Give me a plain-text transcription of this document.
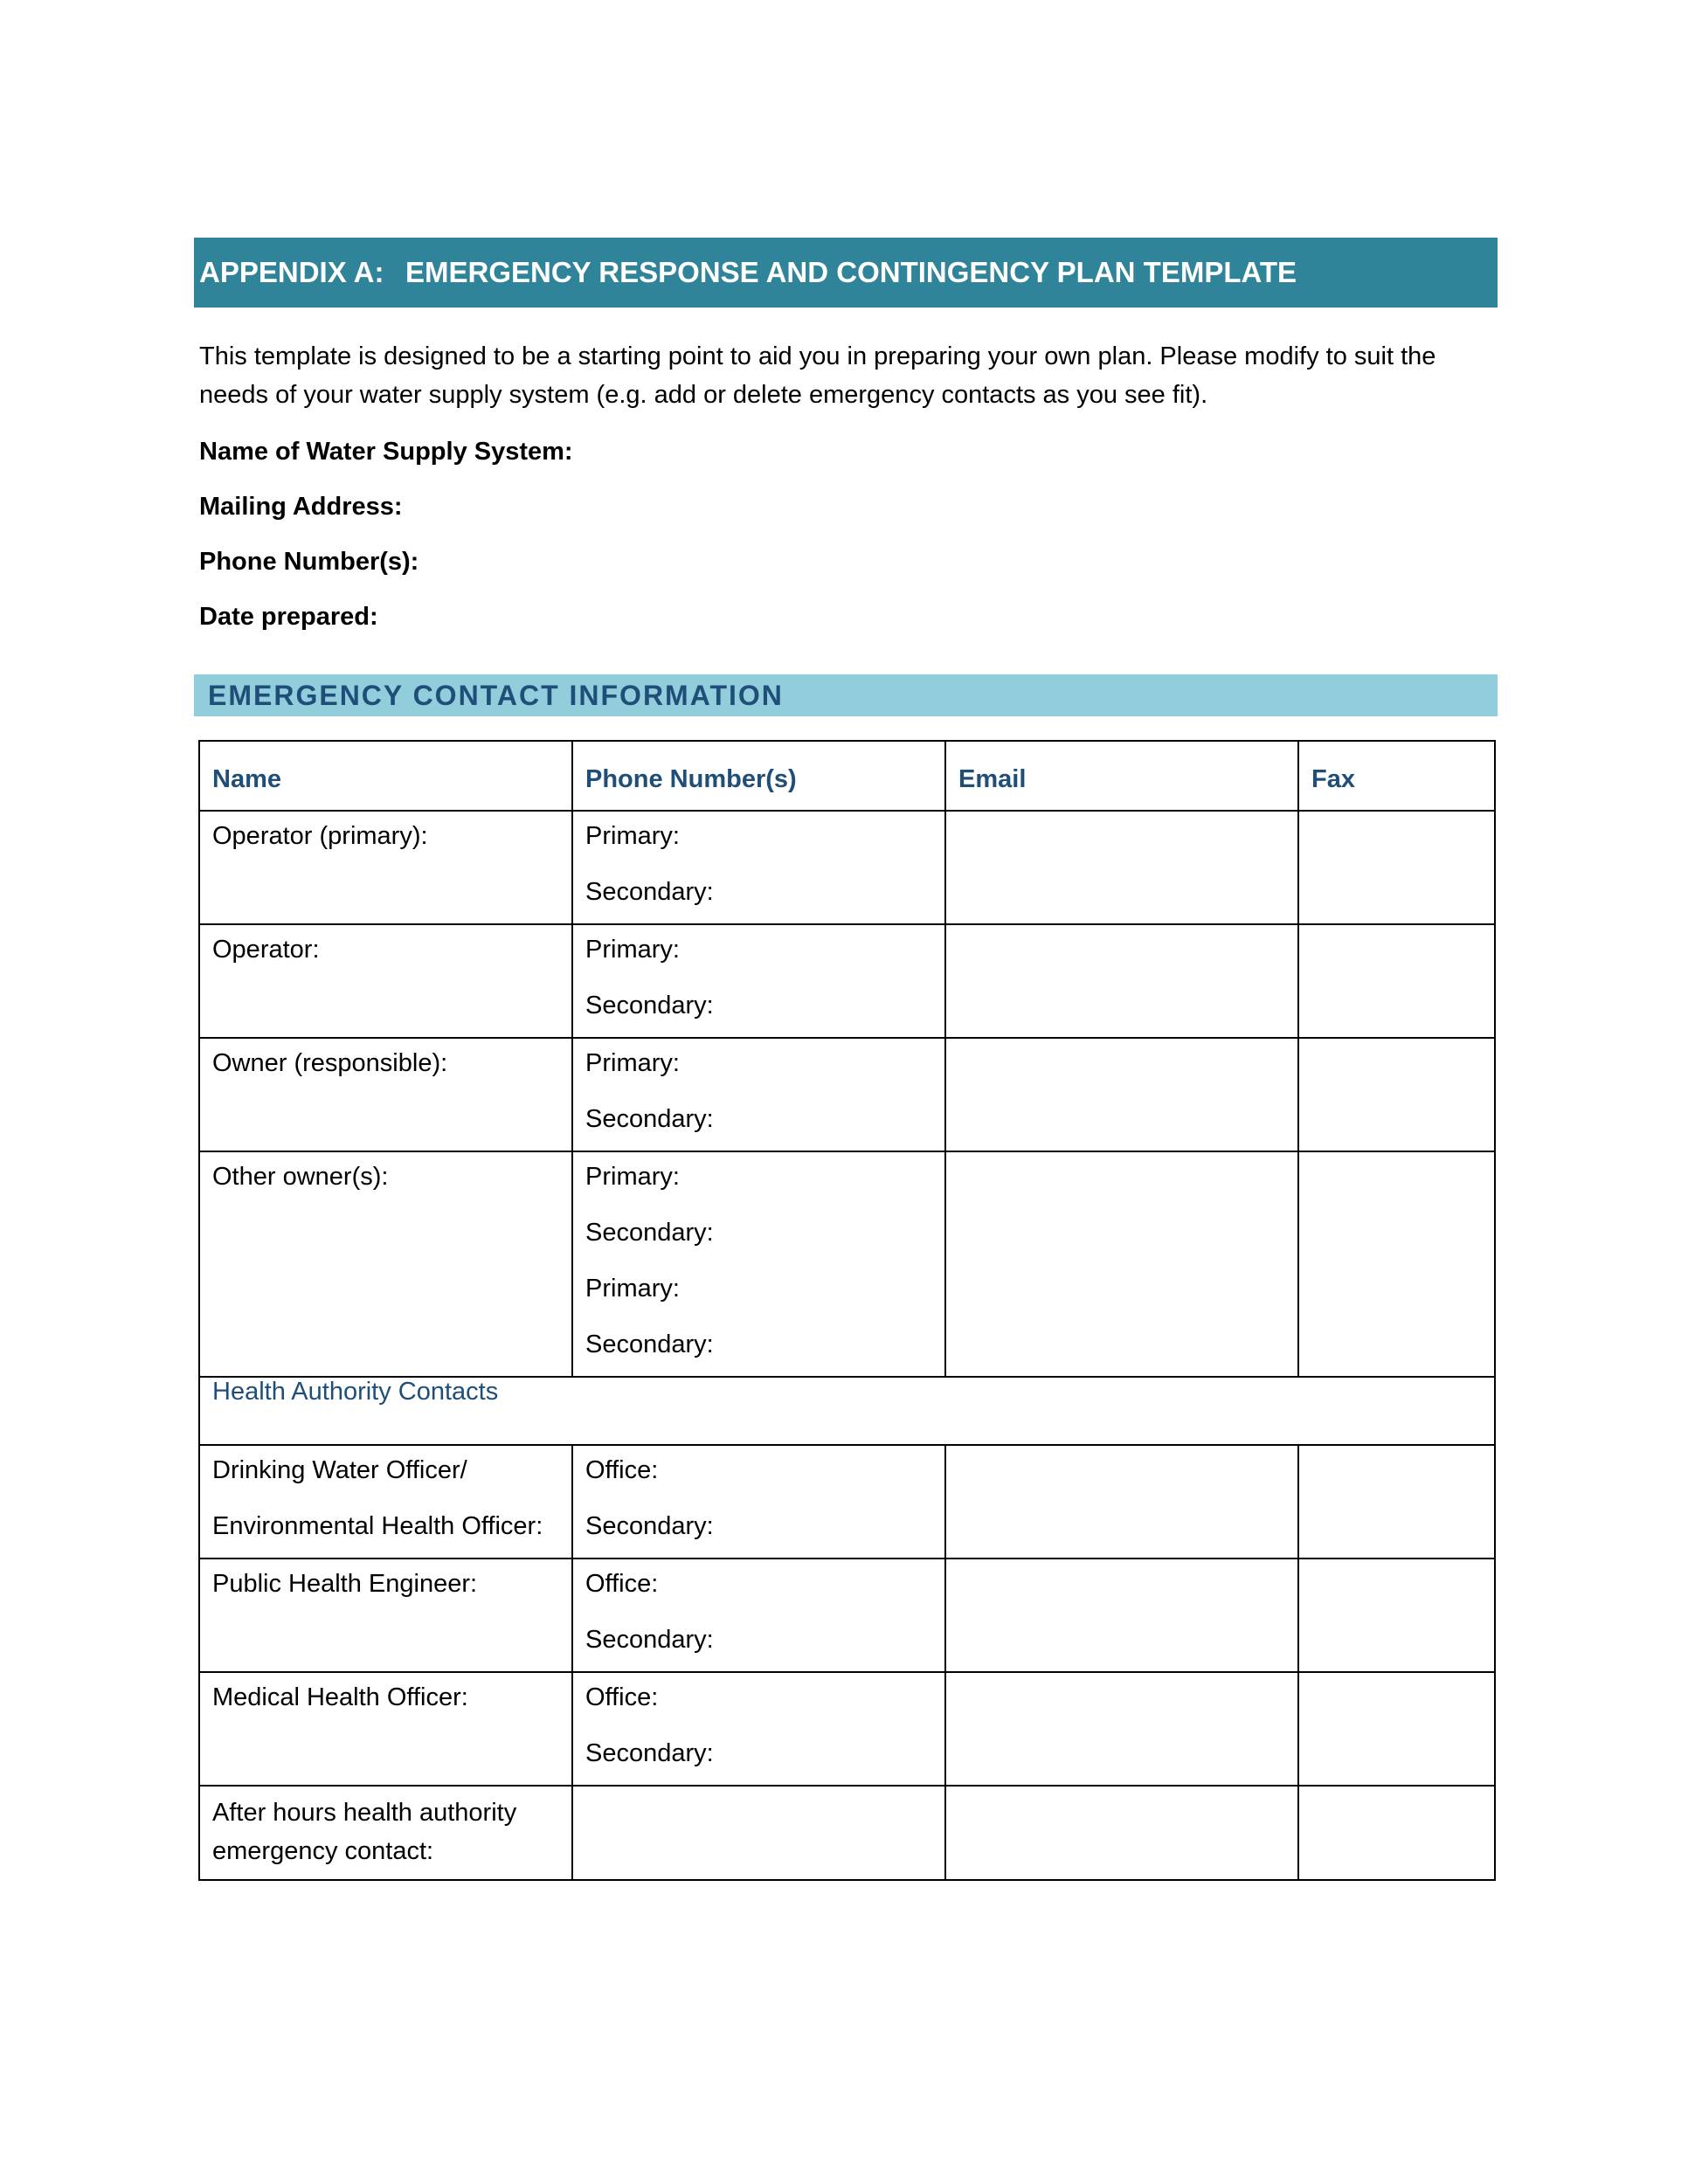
APPENDIX A: EMERGENCY RESPONSE AND CONTINGENCY PLAN TEMPLATE
This template is designed to be a starting point to aid you in preparing your own plan. Please modify to suit the needs of your water supply system (e.g. add or delete emergency contacts as you see fit).
Name of Water Supply System:
Mailing Address:
Phone Number(s):
Date prepared:
EMERGENCY CONTACT INFORMATION
Name	Phone Number(s)	Email	Fax

Operator (primary):	Primary:
Secondary:		

Operator:	Primary:
Secondary:		

Owner (responsible):	Primary:
Secondary:		

Other owner(s):	Primary:
Secondary:
Primary:
Secondary:		

Health Authority Contacts			

Drinking Water Officer/
Environmental Health Officer:	Office:
Secondary:		

Public Health Engineer:	Office:
Secondary:		

Medical Health Officer:	Office:
Secondary:		

After hours health authority
emergency contact:			
